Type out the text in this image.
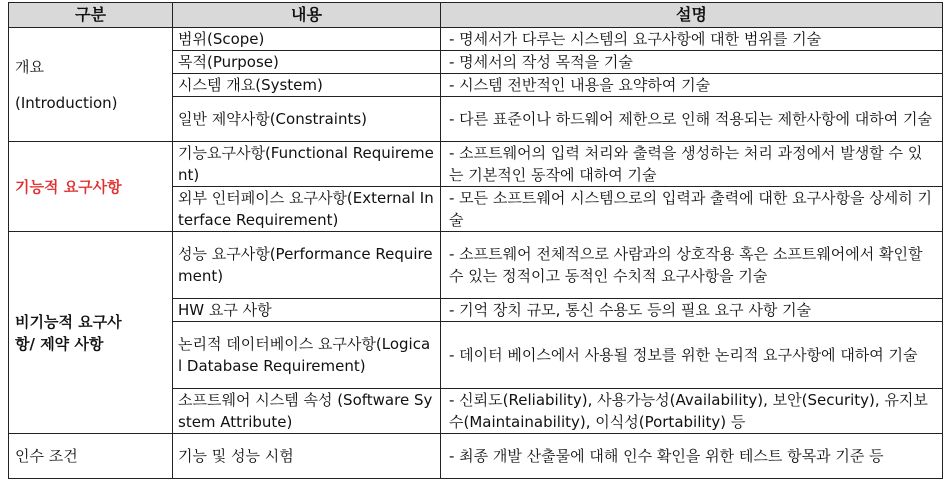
구분	내용	설명

개요
(Introduction)	범위(Scope)	- 명세서가 다루는 시스템의 요구사항에 대한 범위를 기술
	목적(Purpose)	- 명세서의 작성 목적을 기술
	시스템 개요(System)	- 시스템 전반적인 내용을 요약하여 기술
	일반 제약사항(Constraints)	- 다른 표준이나 하드웨어 제한으로 인해 적용되는 제한사항에 대하여 기술

기능적 요구사항	기능요구사항(Functional Requirement)	- 소프트웨어의 입력 처리와 출력을 생성하는 처리 과정에서 발생할 수 있는 기본적인 동작에 대하여 기술
	외부 인터페이스 요구사항(External Interface Requirement)	- 모든 소프트웨어 시스템으로의 입력과 출력에 대한 요구사항을 상세히 기술

비기능적 요구사
항/ 제약 사항	성능 요구사항(Performance Requirement)	- 소프트웨어 전체적으로 사람과의 상호작용 혹은 소프트웨어에서 확인할 수 있는 정적이고 동적인 수치적 요구사항을 기술
	HW 요구 사항	- 기억 장치 규모, 통신 수용도 등의 필요 요구 사항 기술
	논리적 데이터베이스 요구사항(Logical Database Requirement)	- 데이터 베이스에서 사용될 정보를 위한 논리적 요구사항에 대하여 기술
	소프트웨어 시스템 속성 (Software System Attribute)	- 신뢰도(Reliability), 사용가능성(Availability), 보안(Security), 유지보수(Maintainability), 이식성(Portability) 등

인수 조건	기능 및 성능 시험	- 최종 개발 산출물에 대해 인수 확인을 위한 테스트 항목과 기준 등
